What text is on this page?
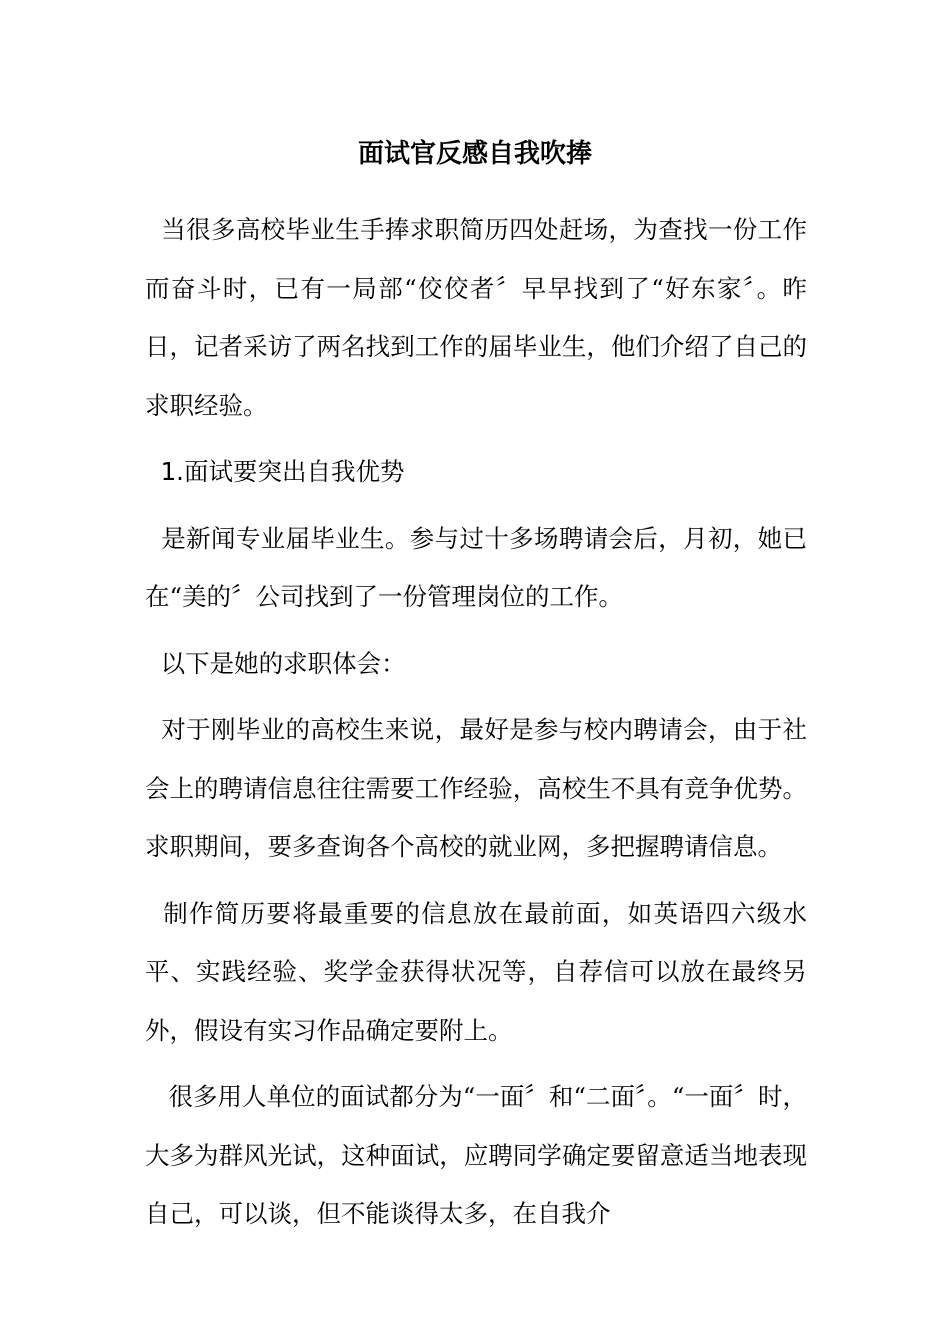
面试官反感自我吹捧

当很多高校毕业生手捧求职简历四处赶场，为查找一份工作而奋斗时，已有一局部“佼佼者〞早早找到了“好东家〞。昨日，记者采访了两名找到工作的届毕业生，他们介绍了自己的求职经验。

1.面试要突出自我优势

是新闻专业届毕业生。参与过十多场聘请会后，月初，她已在“美的〞公司找到了一份管理岗位的工作。

以下是她的求职体会：

对于刚毕业的高校生来说，最好是参与校内聘请会，由于社会上的聘请信息往往需要工作经验，高校生不具有竞争优势。求职期间，要多查询各个高校的就业网，多把握聘请信息。

制作简历要将最重要的信息放在最前面，如英语四六级水平、实践经验、奖学金获得状况等，自荐信可以放在最终另外，假设有实习作品确定要附上。

很多用人单位的面试都分为“一面〞和“二面〞。“一面〞时，大多为群风光试，这种面试，应聘同学确定要留意适当地表现自己，可以谈，但不能谈得太多，在自我介
